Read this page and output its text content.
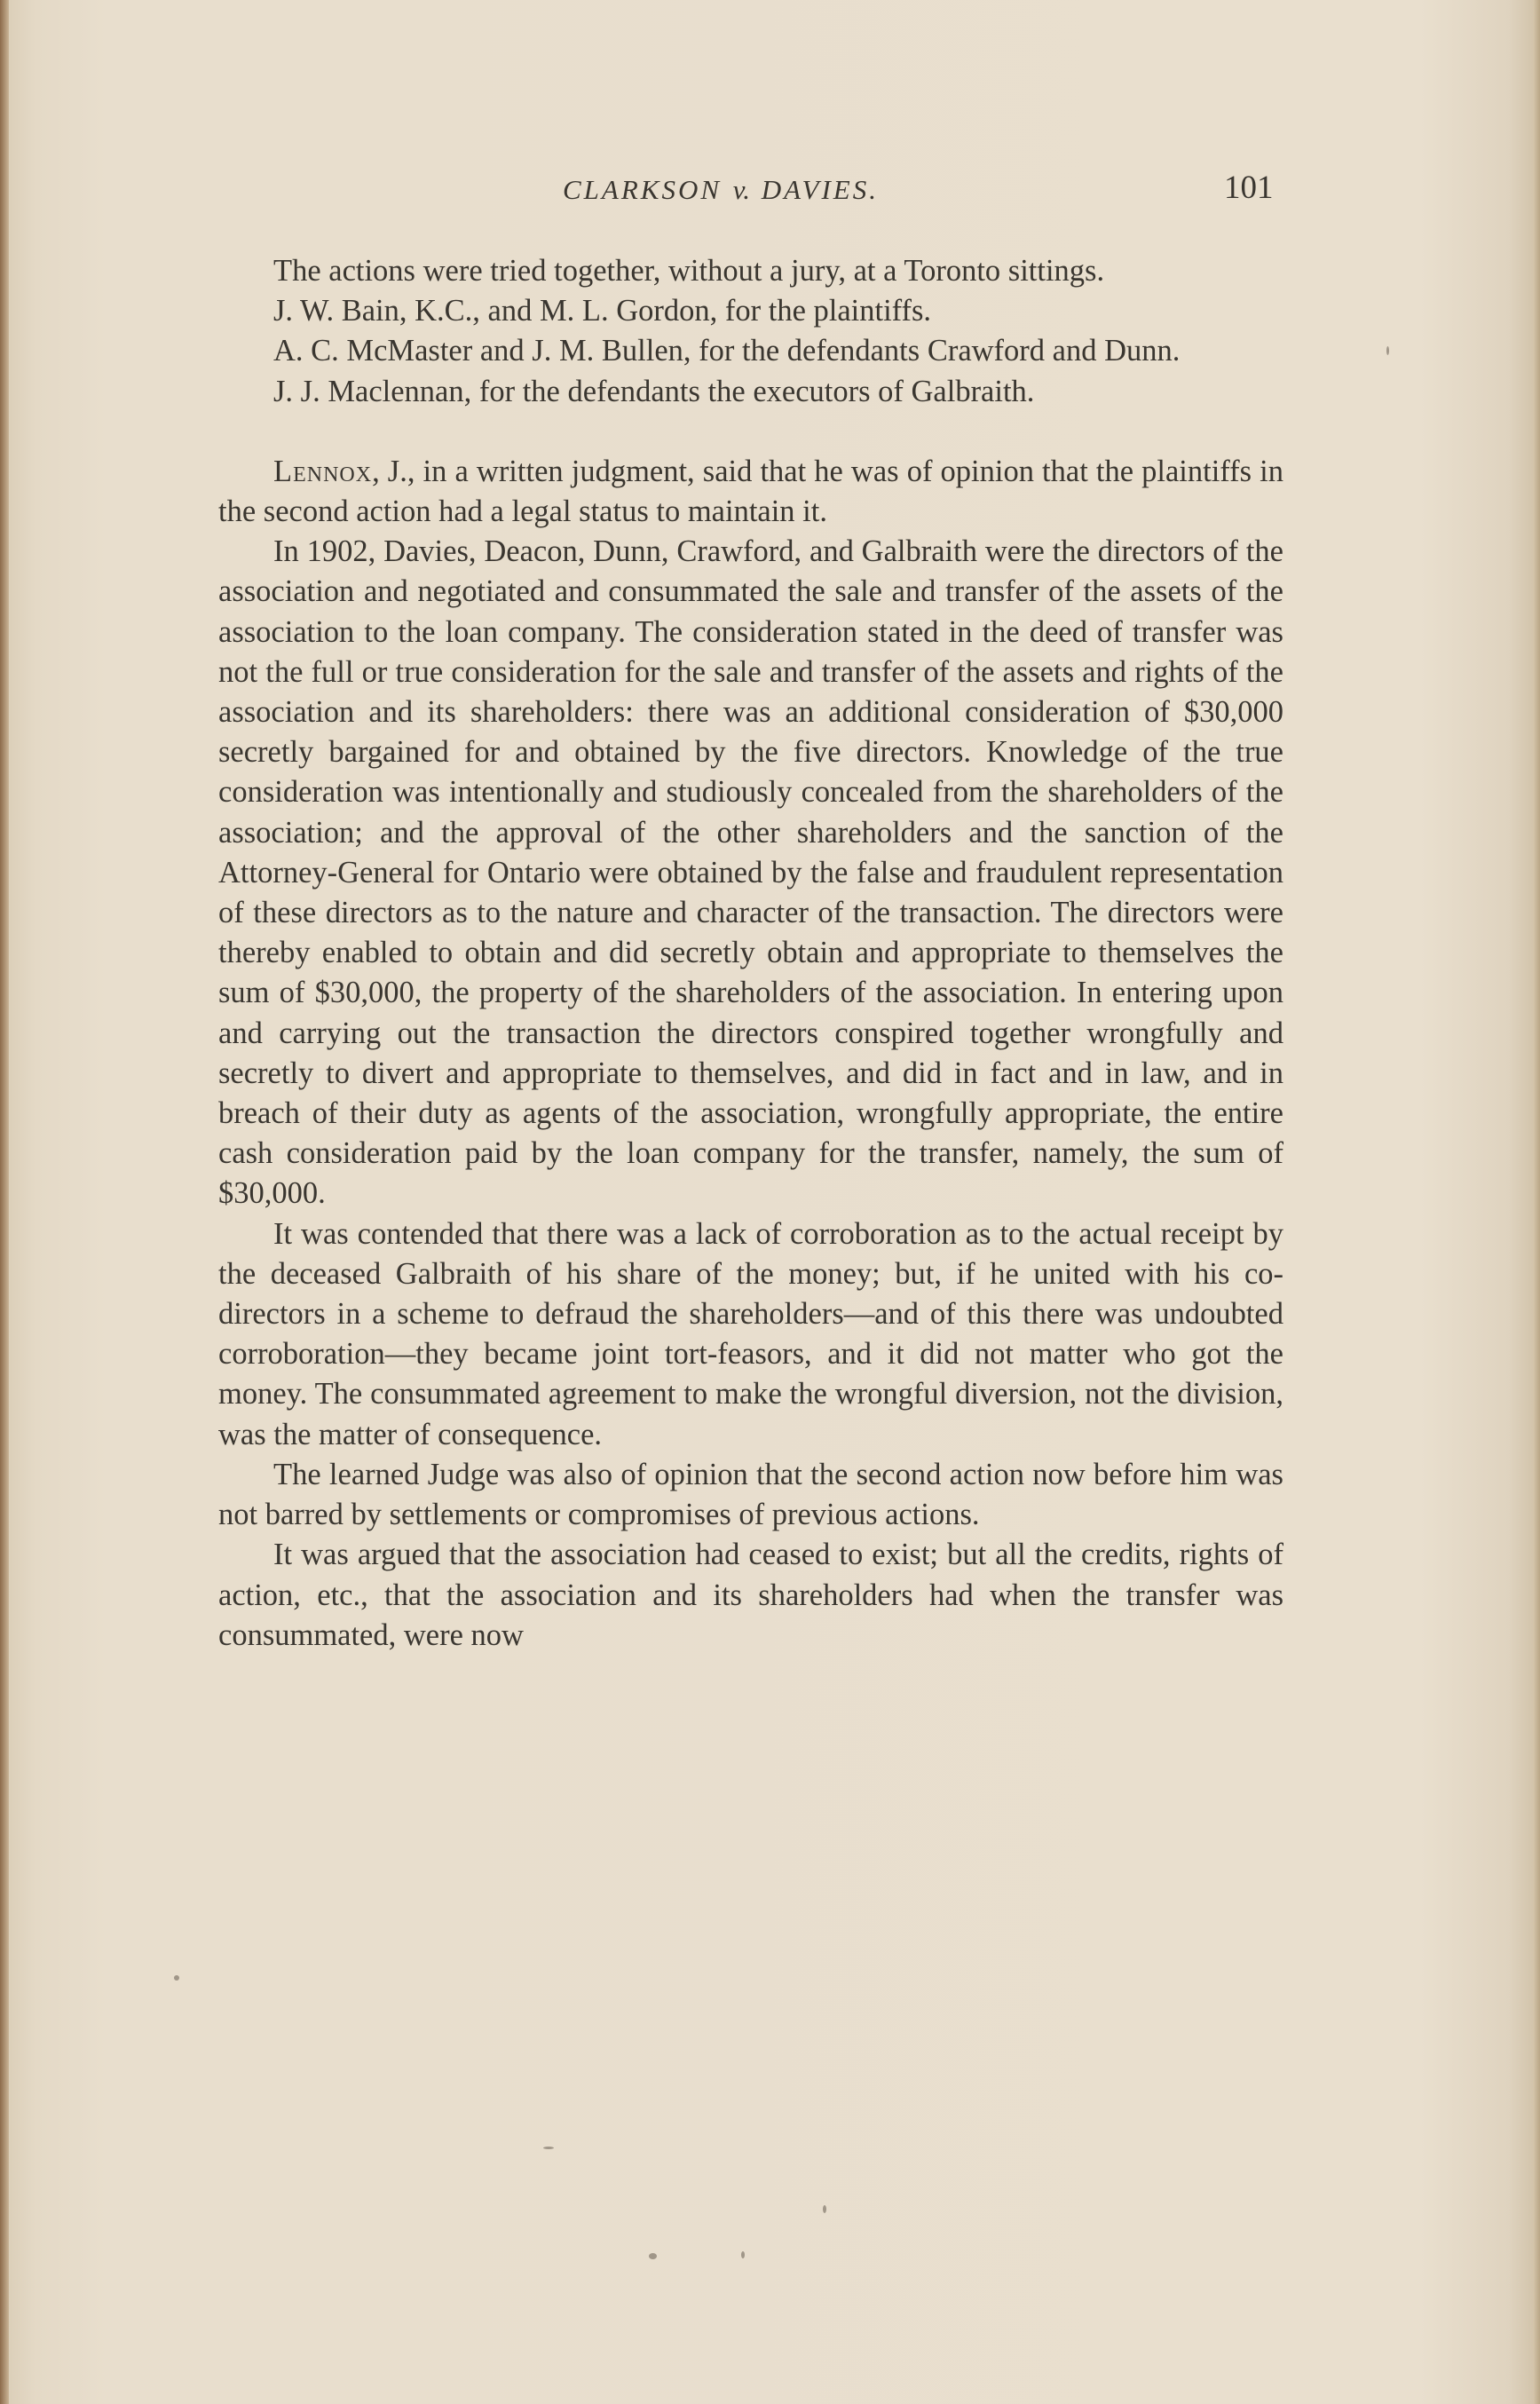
CLARKSON v. DAVIES.	101

The actions were tried together, without a jury, at a Toronto sittings.

J. W. Bain, K.C., and M. L. Gordon, for the plaintiffs.

A. C. McMaster and J. M. Bullen, for the defendants Crawford and Dunn.

J. J. Maclennan, for the defendants the executors of Galbraith.

Lennox, J., in a written judgment, said that he was of opinion that the plaintiffs in the second action had a legal status to maintain it.

In 1902, Davies, Deacon, Dunn, Crawford, and Galbraith were the directors of the association and negotiated and consummated the sale and transfer of the assets of the association to the loan company. The consideration stated in the deed of transfer was not the full or true consideration for the sale and transfer of the assets and rights of the association and its shareholders: there was an additional consideration of $30,000 secretly bargained for and obtained by the five directors. Knowledge of the true consideration was intentionally and studiously concealed from the shareholders of the association; and the approval of the other shareholders and the sanction of the Attorney-General for Ontario were obtained by the false and fraudulent representation of these directors as to the nature and character of the transaction. The directors were thereby enabled to obtain and did secretly obtain and appropriate to themselves the sum of $30,000, the property of the shareholders of the association. In entering upon and carrying out the transaction the directors conspired together wrongfully and secretly to divert and appropriate to themselves, and did in fact and in law, and in breach of their duty as agents of the association, wrongfully appropriate, the entire cash consideration paid by the loan company for the transfer, namely, the sum of $30,000.

It was contended that there was a lack of corroboration as to the actual receipt by the deceased Galbraith of his share of the money; but, if he united with his co-directors in a scheme to defraud the shareholders—and of this there was undoubted corroboration—they became joint tort-feasors, and it did not matter who got the money. The consummated agreement to make the wrongful diversion, not the division, was the matter of consequence.

The learned Judge was also of opinion that the second action now before him was not barred by settlements or compromises of previous actions.

It was argued that the association had ceased to exist; but all the credits, rights of action, etc., that the association and its shareholders had when the transfer was consummated, were now
